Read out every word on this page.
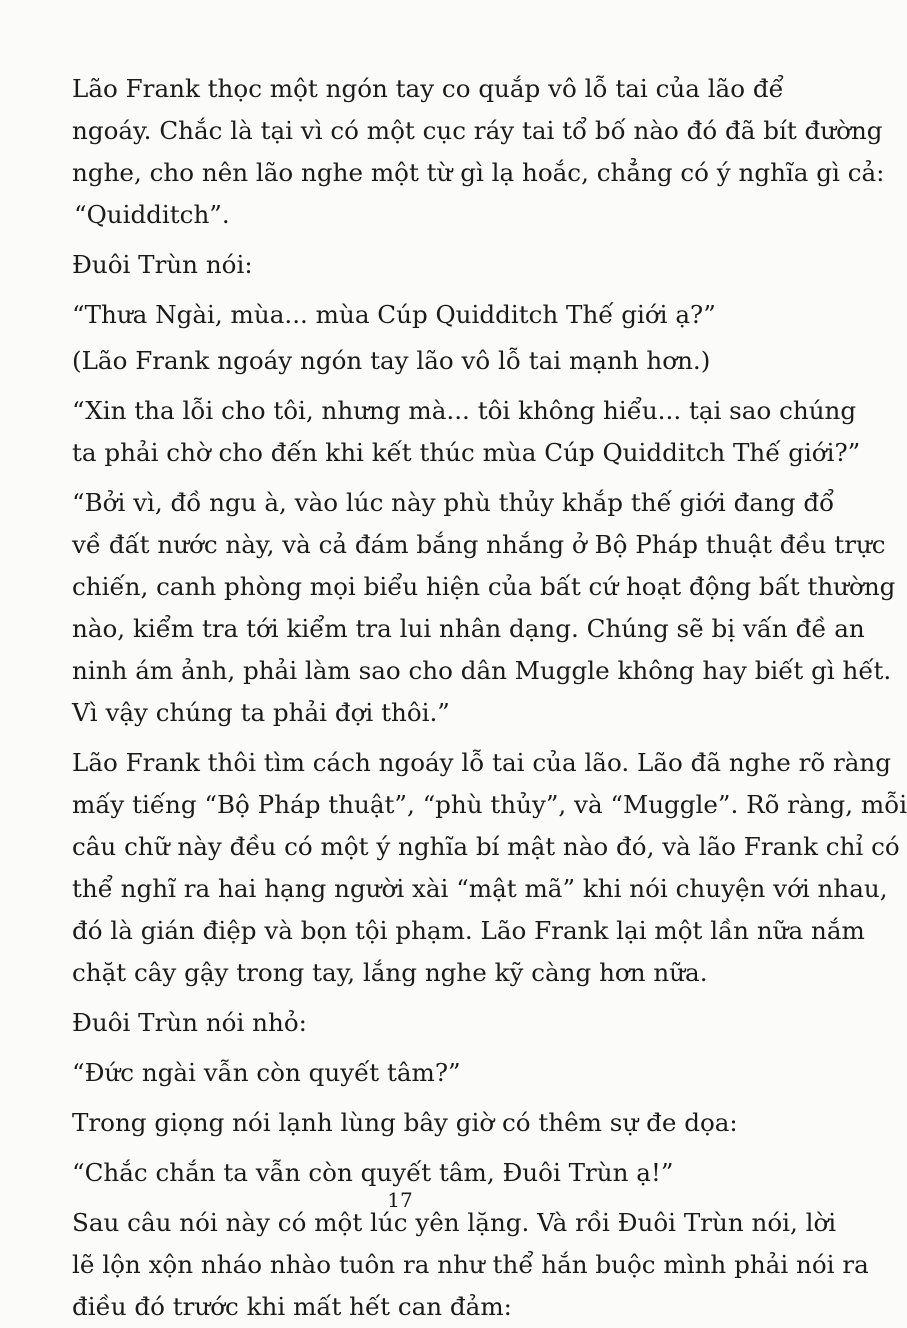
Lão Frank thọc một ngón tay co quắp vô lỗ tai của lão để
ngoáy. Chắc là tại vì có một cục ráy tai tổ bố nào đó đã bít đường
nghe, cho nên lão nghe một từ gì lạ hoắc, chẳng có ý nghĩa gì cả:
“Quidditch”.

Đuôi Trùn nói:

“Thưa Ngài, mùa... mùa Cúp Quidditch Thế giới ạ?”

(Lão Frank ngoáy ngón tay lão vô lỗ tai mạnh hơn.)

“Xin tha lỗi cho tôi, nhưng mà... tôi không hiểu... tại sao chúng
ta phải chờ cho đến khi kết thúc mùa Cúp Quidditch Thế giới?”

“Bởi vì, đồ ngu à, vào lúc này phù thủy khắp thế giới đang đổ
về đất nước này, và cả đám bắng nhắng ở Bộ Pháp thuật đều trực
chiến, canh phòng mọi biểu hiện của bất cứ hoạt động bất thường
nào, kiểm tra tới kiểm tra lui nhân dạng. Chúng sẽ bị vấn đề an
ninh ám ảnh, phải làm sao cho dân Muggle không hay biết gì hết.
Vì vậy chúng ta phải đợi thôi.”

Lão Frank thôi tìm cách ngoáy lỗ tai của lão. Lão đã nghe rõ ràng
mấy tiếng “Bộ Pháp thuật”, “phù thủy”, và “Muggle”. Rõ ràng, mỗi
câu chữ này đều có một ý nghĩa bí mật nào đó, và lão Frank chỉ có
thể nghĩ ra hai hạng người xài “mật mã” khi nói chuyện với nhau,
đó là gián điệp và bọn tội phạm. Lão Frank lại một lần nữa nắm
chặt cây gậy trong tay, lắng nghe kỹ càng hơn nữa.

Đuôi Trùn nói nhỏ:

“Đức ngài vẫn còn quyết tâm?”

Trong giọng nói lạnh lùng bây giờ có thêm sự đe dọa:

“Chắc chắn ta vẫn còn quyết tâm, Đuôi Trùn ạ!”

Sau câu nói này có một lúc yên lặng. Và rồi Đuôi Trùn nói, lời
lẽ lộn xộn nháo nhào tuôn ra như thể hắn buộc mình phải nói ra
điều đó trước khi mất hết can đảm:

17
